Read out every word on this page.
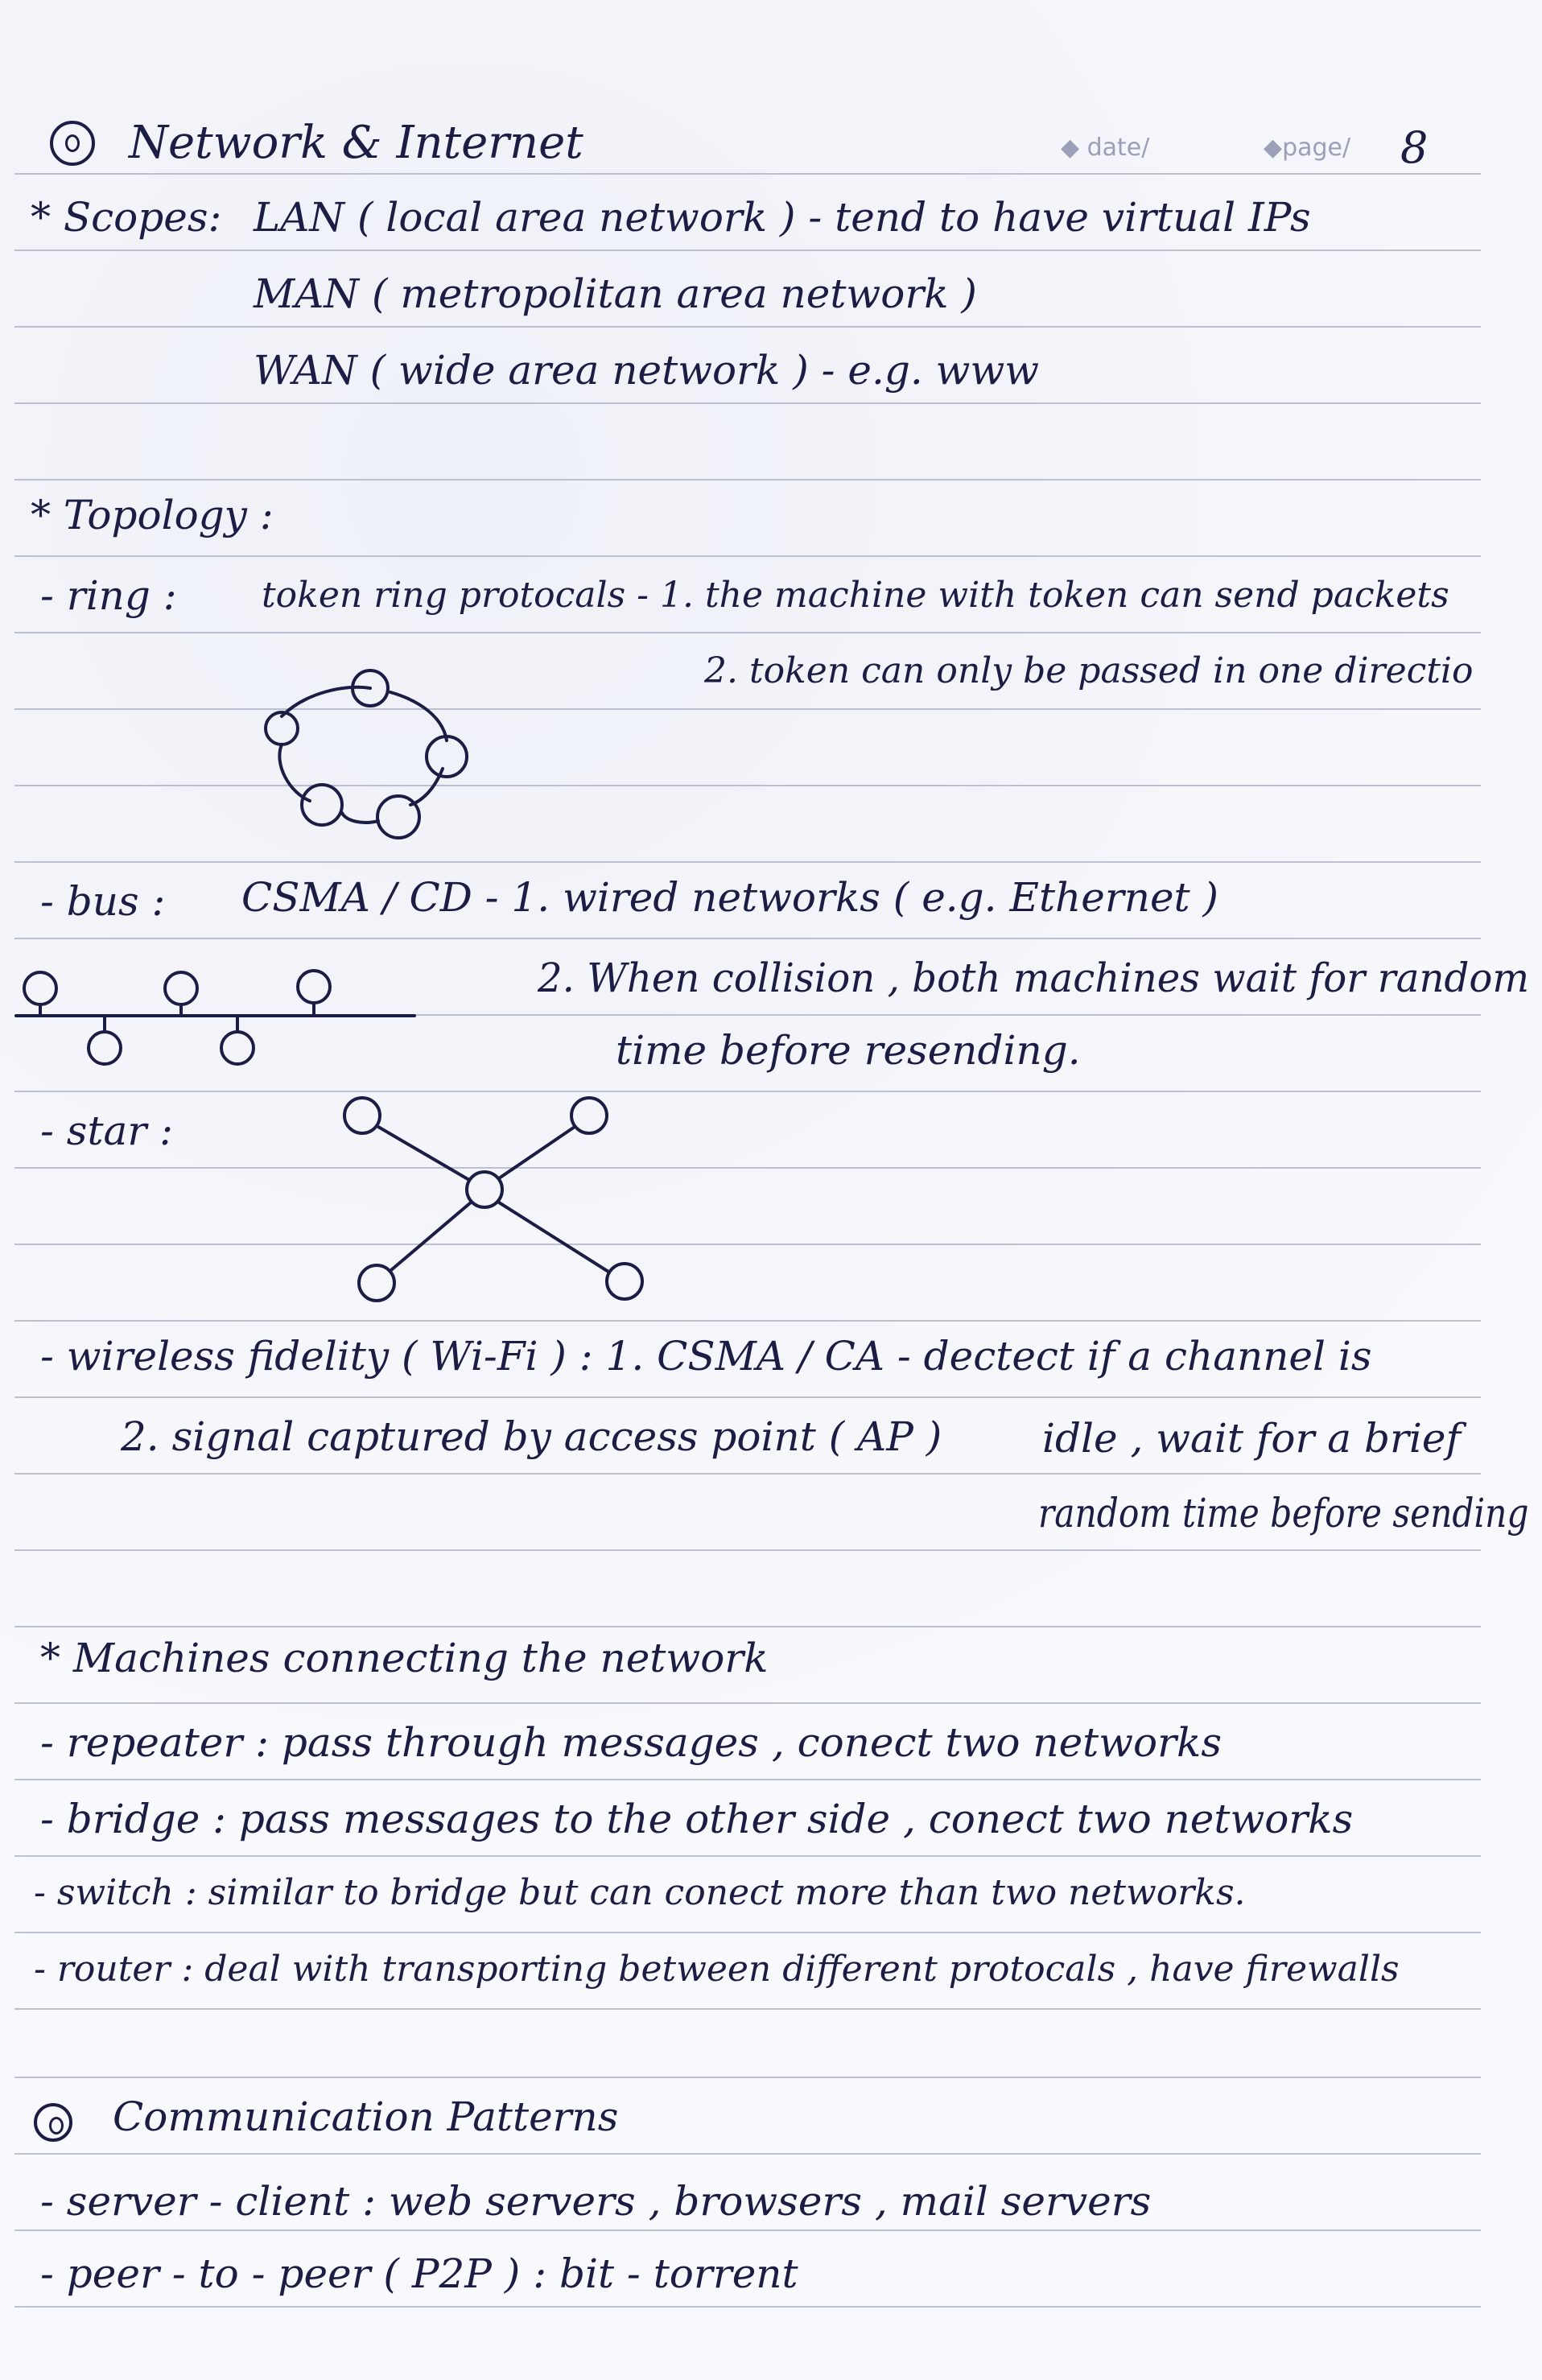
Network & Internet	◆ date/	◆page/ 8
* Scopes: LAN ( local area network ) - tend to have virtual IPs
MAN ( metropolitan area network )
WAN ( wide area network ) - e.g. www
* Topology :
- ring : token ring protocals - 1. the machine with token can send packets
2. token can only be passed in one directio
- bus : CSMA / CD - 1. wired networks ( e.g. Ethernet )
2. When collision , both machines wait for random
time before resending.
- star :
- wireless fidelity ( Wi-Fi ) : 1. CSMA / CA - dectect if a channel is
2. signal captured by access point ( AP ) idle , wait for a brief
random time before sending
* Machines connecting the network
- repeater : pass through messages , conect two networks
- bridge : pass messages to the other side , conect two networks
- switch : similar to bridge but can conect more than two networks.
- router : deal with transporting between different protocals , have firewalls
Communication Patterns
- server - client : web servers , browsers , mail servers
- peer - to - peer ( P2P ) : bit - torrent
